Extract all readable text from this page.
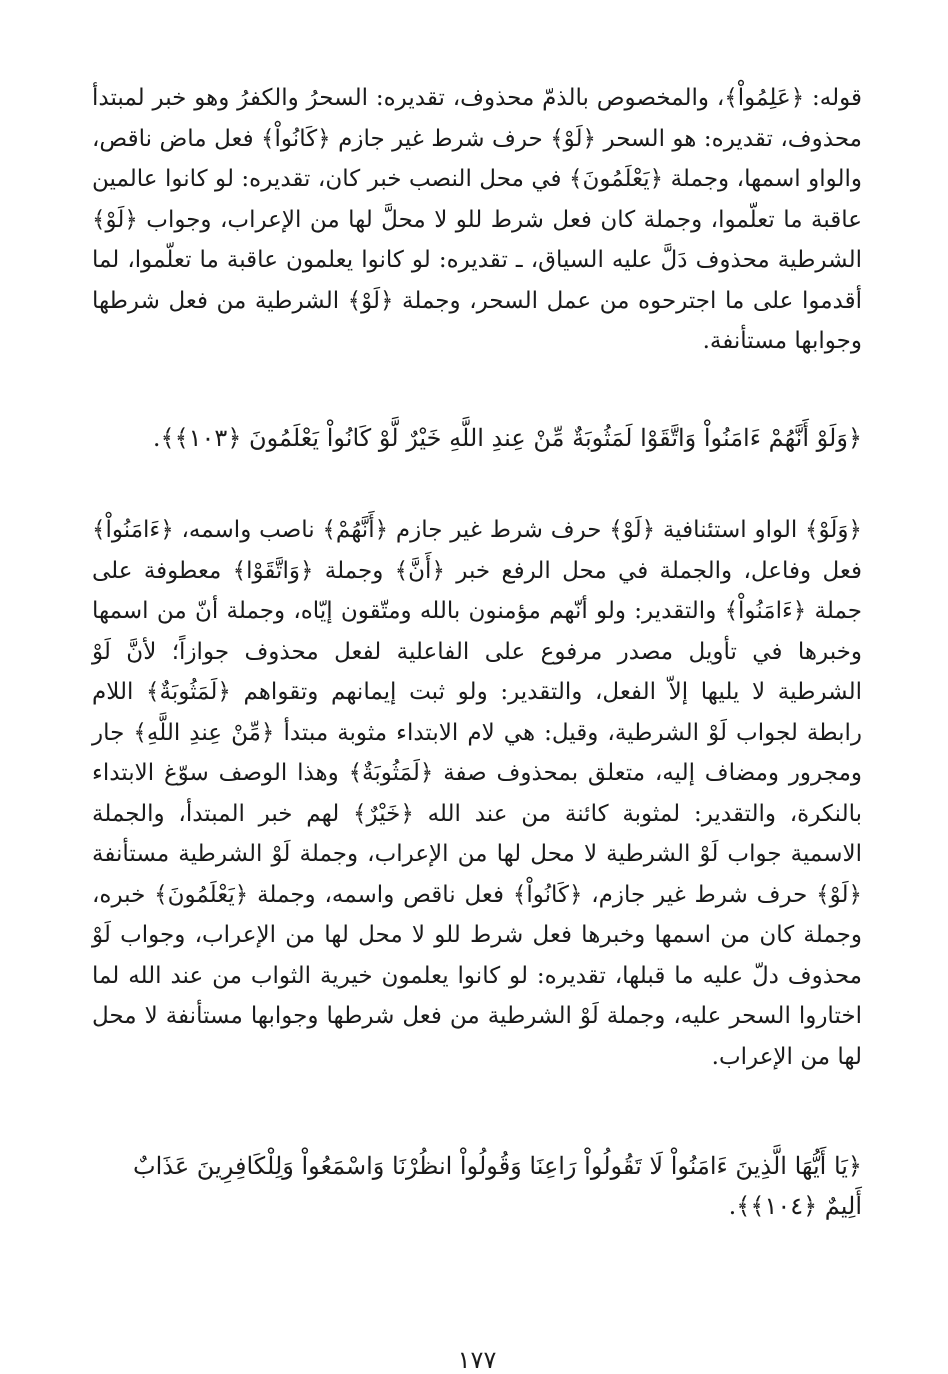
قوله: ﴿عَلِمُواْ﴾، والمخصوص بالذمّ محذوف، تقديره: السحرُ والكفرُ وهو خبر لمبتدأ محذوف، تقديره: هو السحر ﴿لَوْ﴾ حرف شرط غير جازم ﴿كَانُواْ﴾ فعل ماض ناقص، والواو اسمها، وجملة ﴿يَعْلَمُونَ﴾ في محل النصب خبر كان، تقديره: لو كانوا عالمين عاقبة ما تعلّموا، وجملة كان فعل شرط للو لا محلَّ لها من الإعراب، وجواب ﴿لَوْ﴾ الشرطية محذوف دَلَّ عليه السياق، ـ تقديره: لو كانوا يعلمون عاقبة ما تعلّموا، لما أقدموا على ما اجترحوه من عمل السحر، وجملة ﴿لَوْ﴾ الشرطية من فعل شرطها وجوابها مستأنفة.

﴿وَلَوْ أَنَّهُمْ ءَامَنُواْ وَاتَّقَوْا لَمَثُوبَةٌ مِّنْ عِندِ اللَّهِ خَيْرٌ لَّوْ كَانُواْ يَعْلَمُونَ ﴿١٠٣﴾﴾.

﴿وَلَوْ﴾ الواو استئنافية ﴿لَوْ﴾ حرف شرط غير جازم ﴿أَنَّهُمْ﴾ ناصب واسمه، ﴿ءَامَنُواْ﴾ فعل وفاعل، والجملة في محل الرفع خبر ﴿أَنَّ﴾ وجملة ﴿وَاتَّقَوْا﴾ معطوفة على جملة ﴿ءَامَنُواْ﴾ والتقدير: ولو أنّهم مؤمنون بالله ومتّقون إيّاه، وجملة أنّ من اسمها وخبرها في تأويل مصدر مرفوع على الفاعلية لفعل محذوف جوازاً؛ لأنَّ لَوْ الشرطية لا يليها إلاّ الفعل، والتقدير: ولو ثبت إيمانهم وتقواهم ﴿لَمَثُوبَةٌ﴾ اللام رابطة لجواب لَوْ الشرطية، وقيل: هي لام الابتداء مثوبة مبتدأ ﴿مِّنْ عِندِ اللَّهِ﴾ جار ومجرور ومضاف إليه، متعلق بمحذوف صفة ﴿لَمَثُوبَةٌ﴾ وهذا الوصف سوّغ الابتداء بالنكرة، والتقدير: لمثوبة كائنة من عند الله ﴿خَيْرٌ﴾ لهم خبر المبتدأ، والجملة الاسمية جواب لَوْ الشرطية لا محل لها من الإعراب، وجملة لَوْ الشرطية مستأنفة ﴿لَوْ﴾ حرف شرط غير جازم، ﴿كَانُواْ﴾ فعل ناقص واسمه، وجملة ﴿يَعْلَمُونَ﴾ خبره، وجملة كان من اسمها وخبرها فعل شرط للو لا محل لها من الإعراب، وجواب لَوْ محذوف دلّ عليه ما قبلها، تقديره: لو كانوا يعلمون خيرية الثواب من عند الله لما اختاروا السحر عليه، وجملة لَوْ الشرطية من فعل شرطها وجوابها مستأنفة لا محل لها من الإعراب.

﴿يَا أَيُّهَا الَّذِينَ ءَامَنُواْ لَا تَقُولُواْ رَاعِنَا وَقُولُواْ انظُرْنَا وَاسْمَعُواْ وَلِلْكَافِرِينَ عَذَابٌ أَلِيمٌ ﴿١٠٤﴾﴾.

١٧٧
